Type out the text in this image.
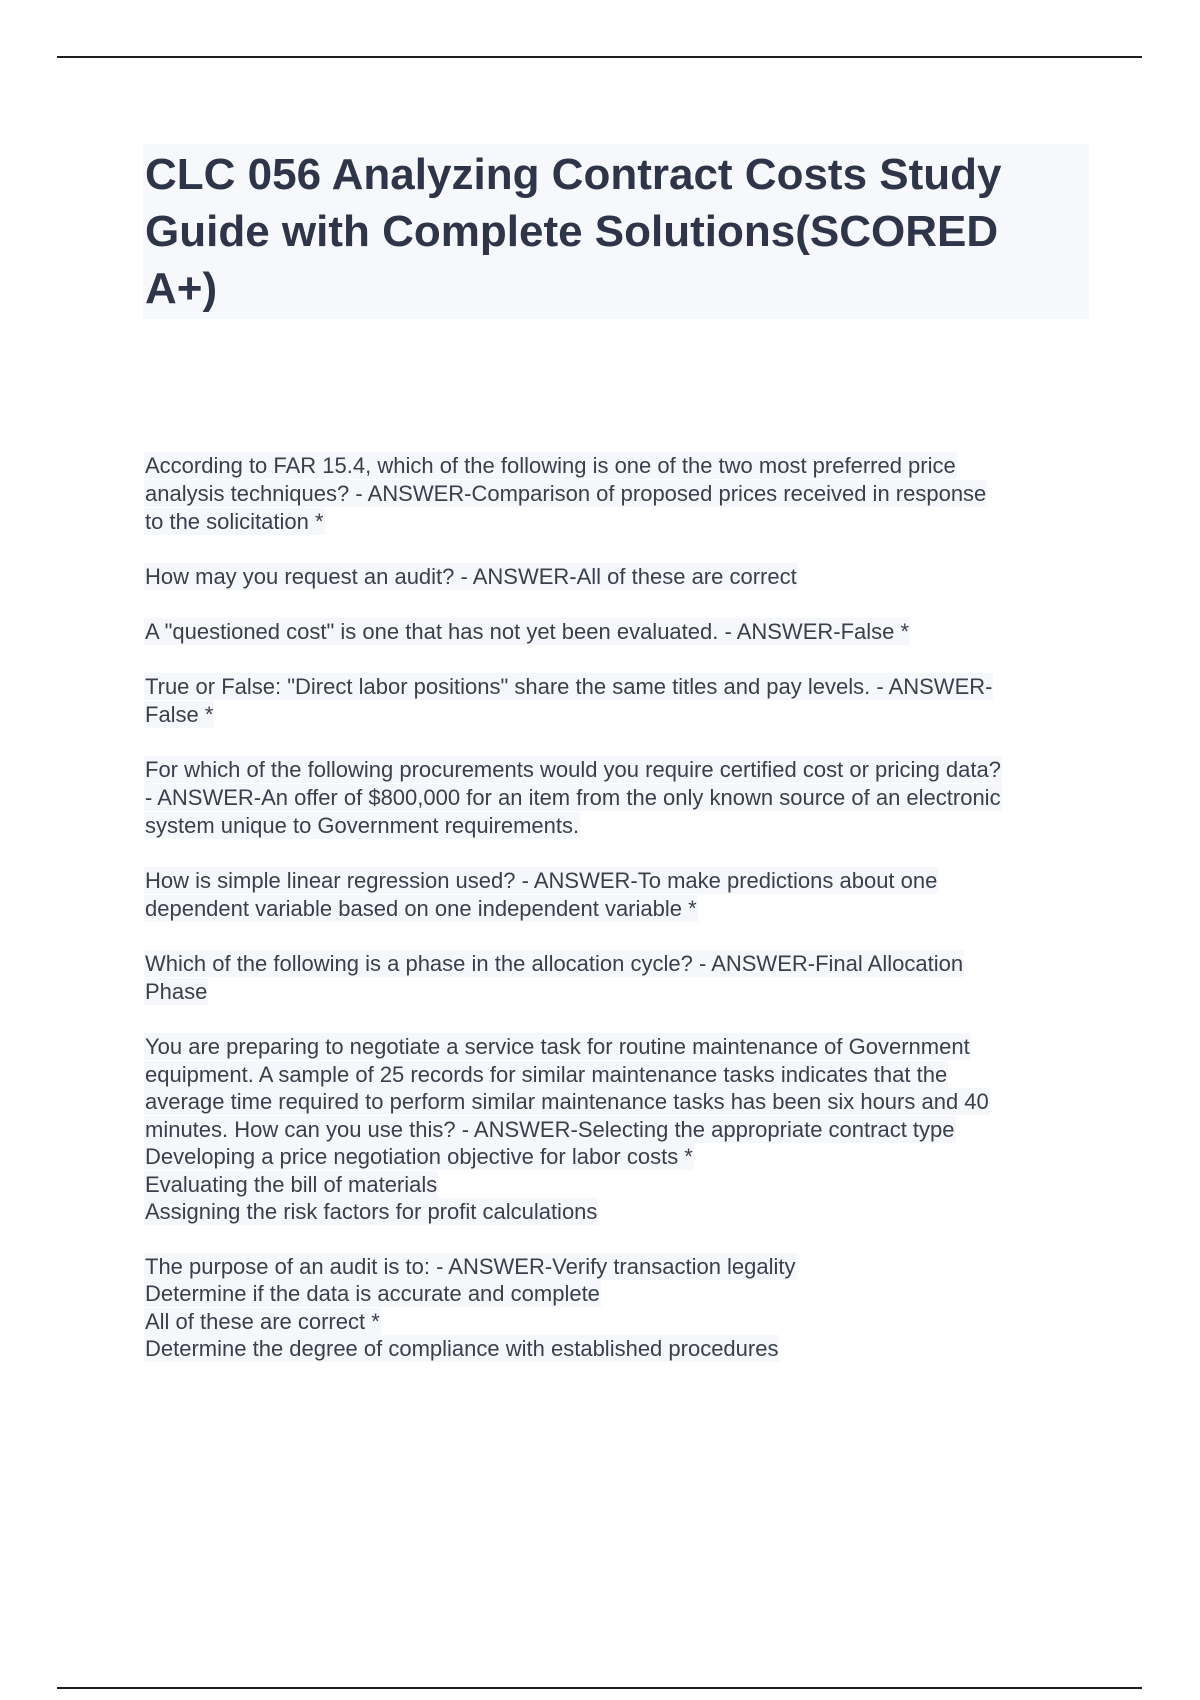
CLC 056 Analyzing Contract Costs Study
Guide with Complete Solutions(SCORED
A+)
According to FAR 15.4, which of the following is one of the two most preferred price
analysis techniques? - ANSWER-Comparison of proposed prices received in response
to the solicitation *
How may you request an audit? - ANSWER-All of these are correct
A "questioned cost" is one that has not yet been evaluated. - ANSWER-False *
True or False: "Direct labor positions" share the same titles and pay levels. - ANSWER-
False *
For which of the following procurements would you require certified cost or pricing data?
- ANSWER-An offer of $800,000 for an item from the only known source of an electronic
system unique to Government requirements.
How is simple linear regression used? - ANSWER-To make predictions about one
dependent variable based on one independent variable *
Which of the following is a phase in the allocation cycle? - ANSWER-Final Allocation
Phase
You are preparing to negotiate a service task for routine maintenance of Government
equipment. A sample of 25 records for similar maintenance tasks indicates that the
average time required to perform similar maintenance tasks has been six hours and 40
minutes. How can you use this? - ANSWER-Selecting the appropriate contract type
Developing a price negotiation objective for labor costs *
Evaluating the bill of materials
Assigning the risk factors for profit calculations
The purpose of an audit is to: - ANSWER-Verify transaction legality
Determine if the data is accurate and complete
All of these are correct *
Determine the degree of compliance with established procedures
